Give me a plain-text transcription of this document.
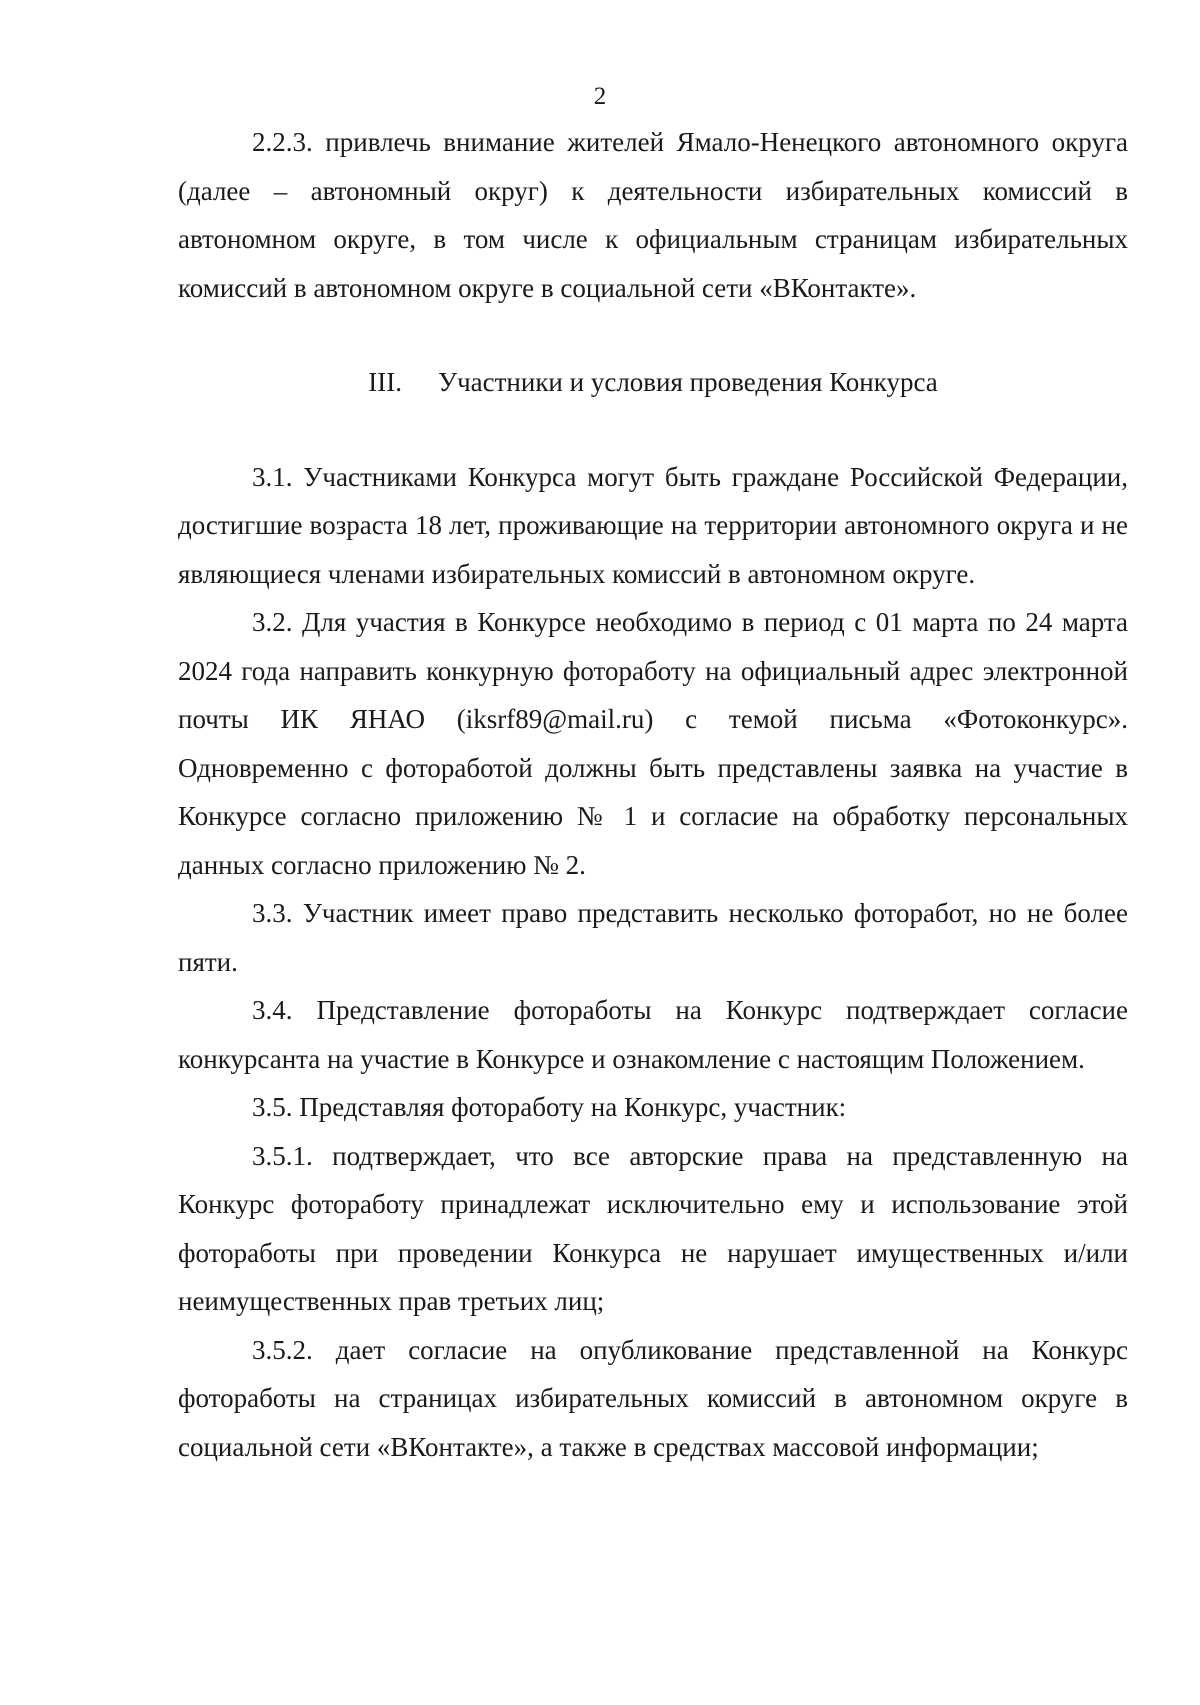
2

2.2.3. привлечь внимание жителей Ямало-Ненецкого автономного округа (далее – автономный округ) к деятельности избирательных комиссий в автономном округе, в том числе к официальным страницам избирательных комиссий в автономном округе в социальной сети «ВКонтакте».

III. Участники и условия проведения Конкурса

3.1. Участниками Конкурса могут быть граждане Российской Федерации, достигшие возраста 18 лет, проживающие на территории автономного округа и не являющиеся членами избирательных комиссий в автономном округе.

3.2. Для участия в Конкурсе необходимо в период с 01 марта по 24 марта 2024 года направить конкурную фотоработу на официальный адрес электронной почты ИК ЯНАО (iksrf89@mail.ru) с темой письма «Фотоконкурс». Одновременно с фотоработой должны быть представлены заявка на участие в Конкурсе согласно приложению № 1 и согласие на обработку персональных данных согласно приложению № 2.

3.3. Участник имеет право представить несколько фоторабот, но не более пяти.

3.4. Представление фотоработы на Конкурс подтверждает согласие конкурсанта на участие в Конкурсе и ознакомление с настоящим Положением.

3.5. Представляя фотоработу на Конкурс, участник:

3.5.1. подтверждает, что все авторские права на представленную на Конкурс фотоработу принадлежат исключительно ему и использование этой фотоработы при проведении Конкурса не нарушает имущественных и/или неимущественных прав третьих лиц;

3.5.2. дает согласие на опубликование представленной на Конкурс фотоработы на страницах избирательных комиссий в автономном округе в социальной сети «ВКонтакте», а также в средствах массовой информации;
